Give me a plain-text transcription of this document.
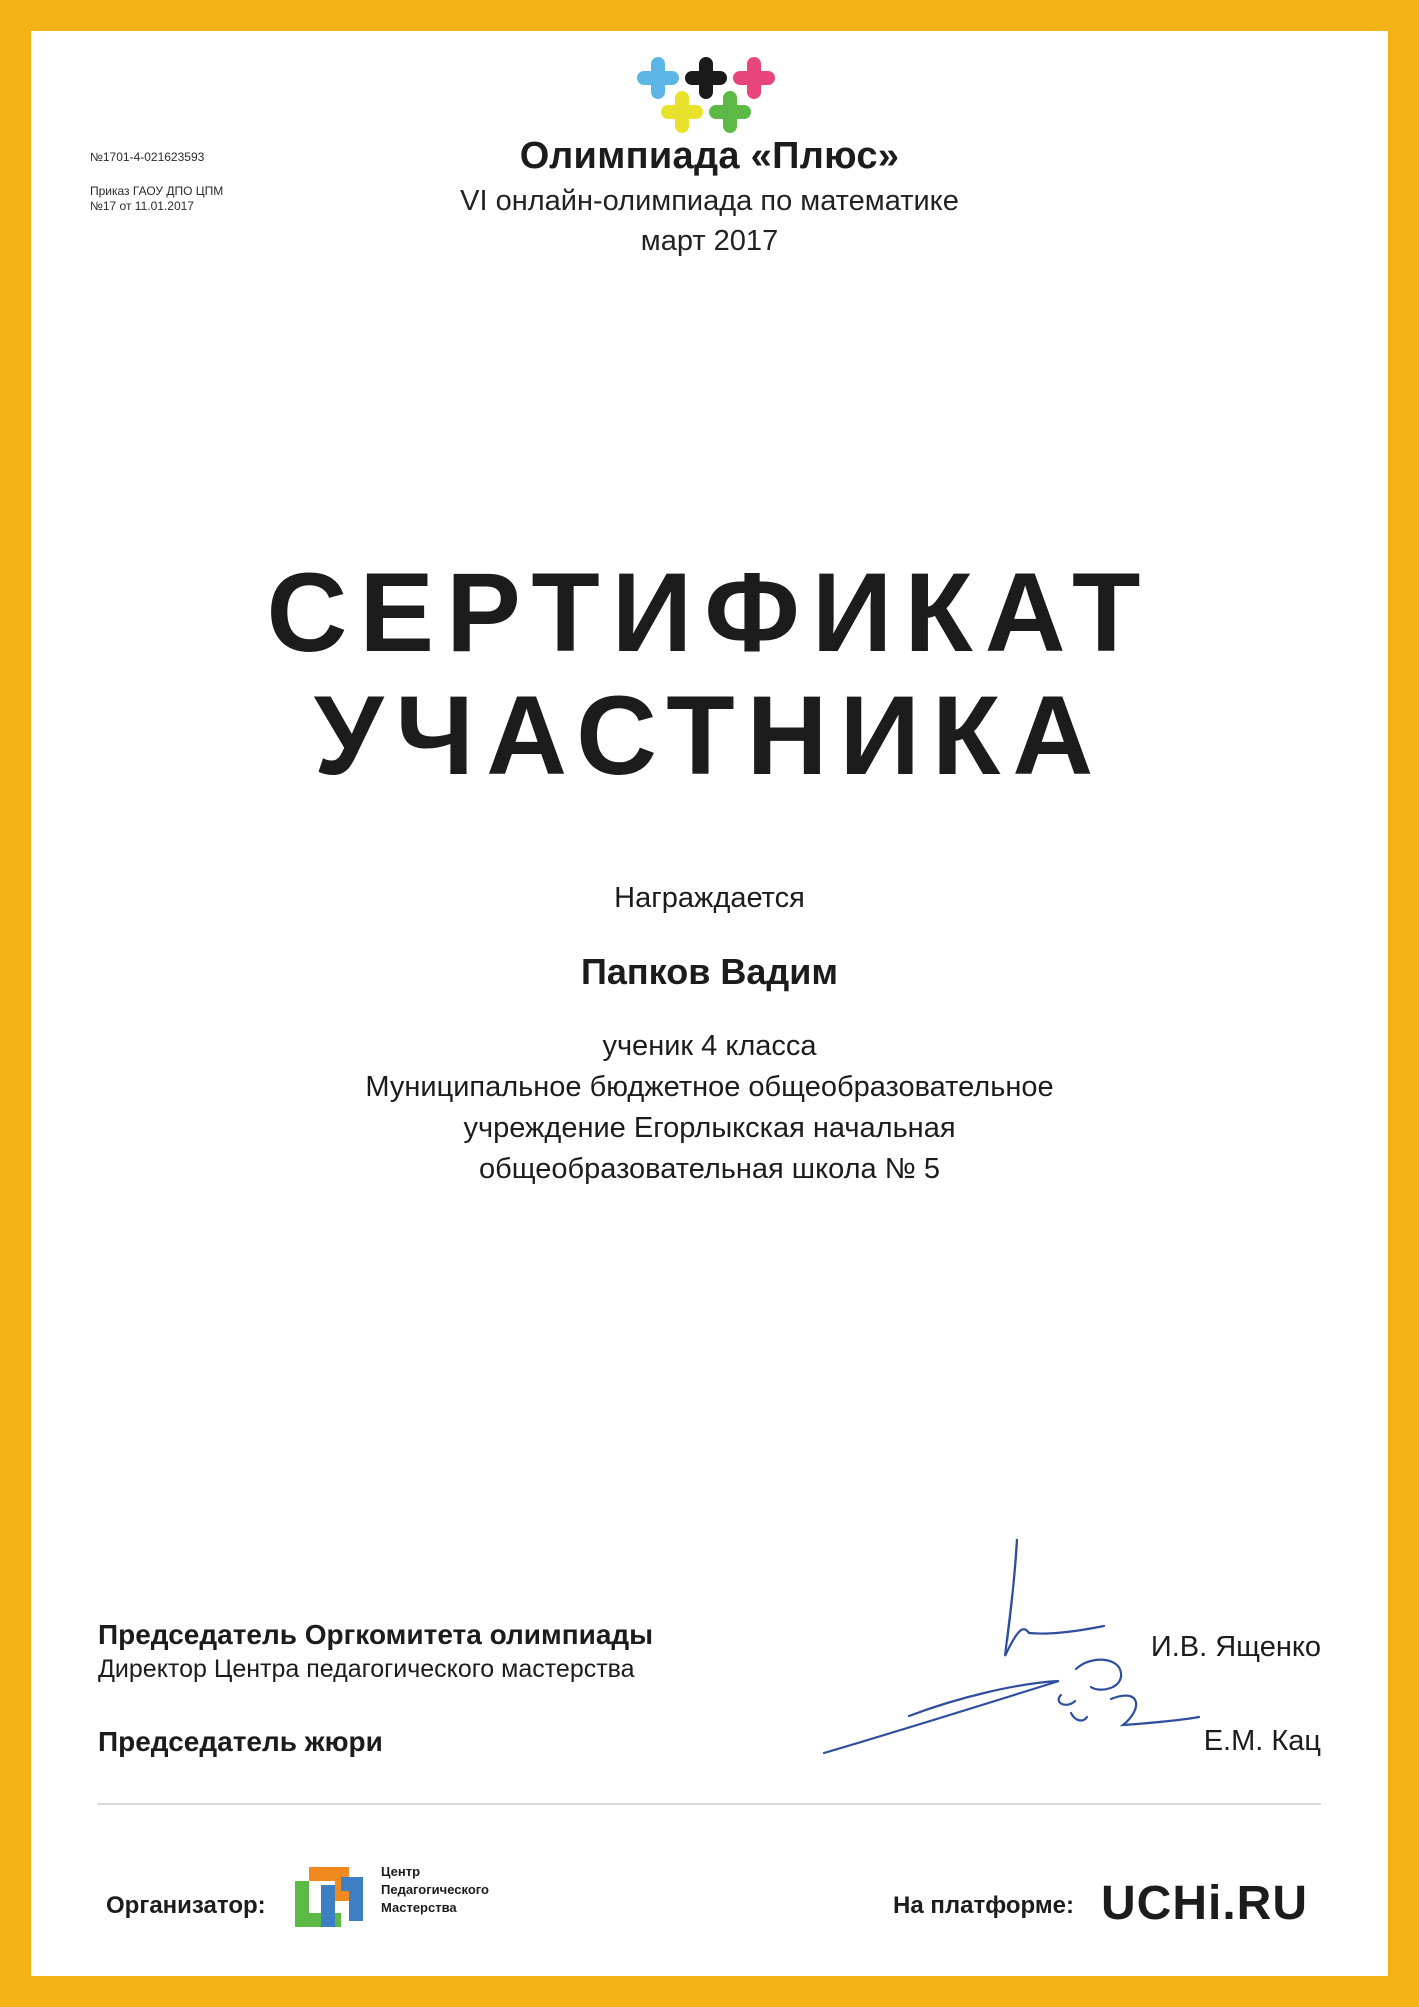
№1701-4-021623593
Приказ ГАОУ ДПО ЦПМ
№17 от 11.01.2017
Олимпиада «Плюс»
VI онлайн-олимпиада по математике
март 2017
СЕРТИФИКАТ
УЧАСТНИКА
Награждается
Папков Вадим
ученик 4 класса
Муниципальное бюджетное общеобразовательное
учреждение Егорлыкская начальная
общеобразовательная школа № 5
Председатель Оргкомитета олимпиады
Директор Центра педагогического мастерства
Председатель жюри
И.В. Ященко
Е.М. Кац
Организатор:
Центр
Педагогического
Мастерства	На платформе: UCHi.RU
